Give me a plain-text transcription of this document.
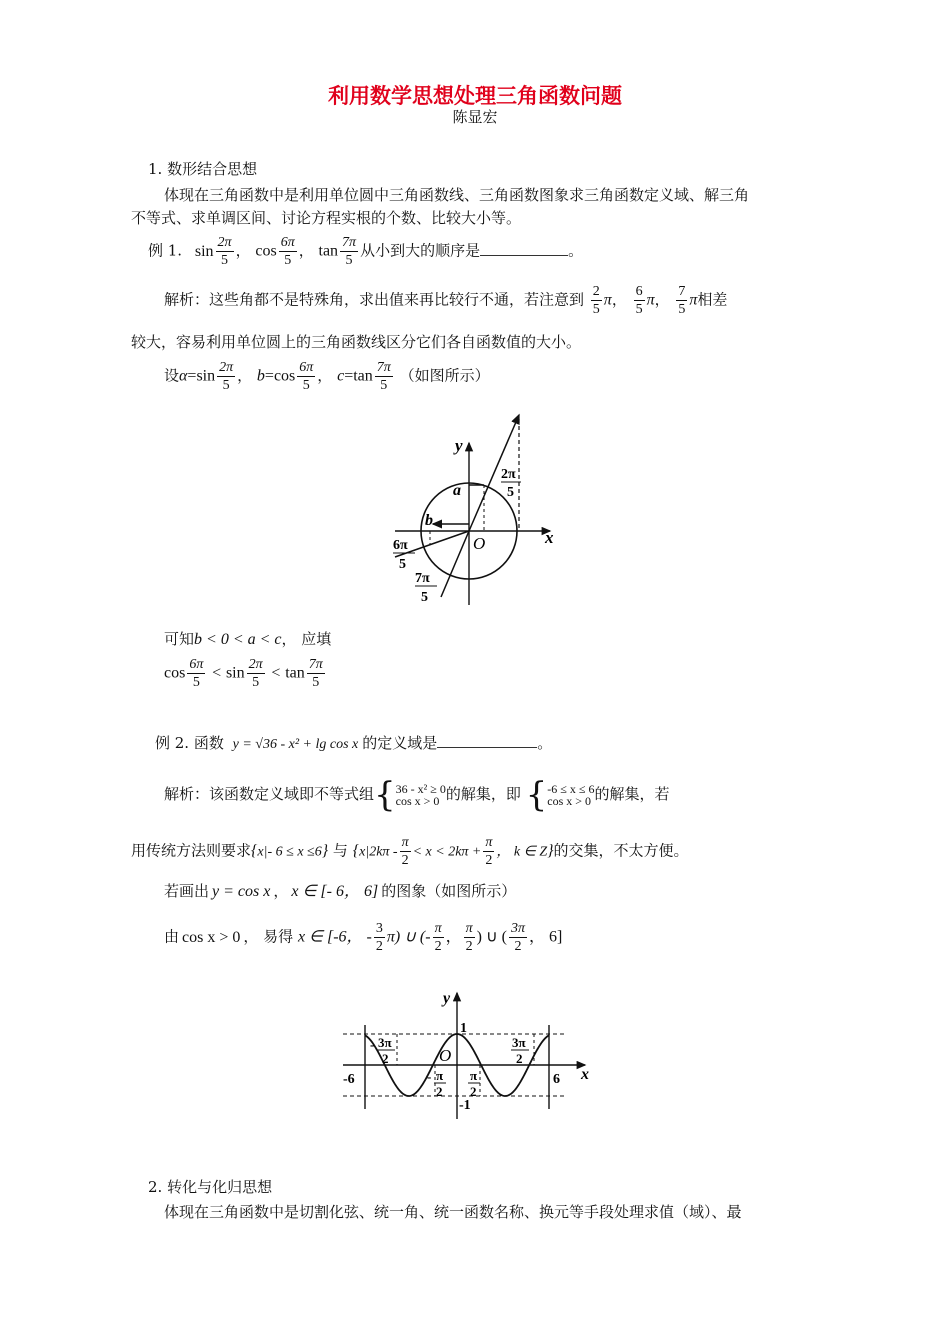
利用数学思想处理三角函数问题
陈显宏
1. 数形结合思想
体现在三角函数中是利用单位圆中三角函数线、三角函数图象求三角函数定义域、解三角
不等式、求单调区间、讨论方程实根的个数、比较大小等。
例 1. $\sin \frac{2\pi}{5}$ ， $\cos \frac{6\pi}{5}$ ， $\tan \frac{7\pi}{5}$ 从小到大的顺序是	。
解析：这些角都不是特殊角，求出值来再比较行不通，若注意到 $\frac{2}{5}$ π， $\frac{6}{5}$ π， $\frac{7}{5}$ π相差
较大，容易利用单位圆上的三角函数线区分它们各自函数值的大小。
设$\alpha=\sin \frac{2\pi}{5}$ ， $b=\cos \frac{6\pi}{5}$ ， $c=\tan \frac{7\pi}{5}$ （如图所示）
y
x
O
a
b
2π
5
6π
5
7π
5
可知b < 0 < a < c， 应填
$\cos \frac{6\pi}{5} < \sin \frac{2\pi}{5} < \tan \frac{7\pi}{5}$
例 2. 函数 y = √36 - x² + lg cos x 的定义域是	。
解析：该函数定义域即不等式组{ 36 - x² ≥ 0
cos x > 0 的解集，即 { -6 ≤ x ≤ 6
cos x > 0 的解集，若
用传统方法则要求{x|- 6 ≤ x ≤6} 与 {$x|2k\pi - \frac{\pi}{2} < x < 2k\pi + \frac{\pi}{2}$ ， k ∈ Z}的交集，不太方便。
若画出 y = cos x ， x ∈ [- 6， 6] 的图象（如图所示）
由 cos x > 0 ， 易得 x ∈ [-6， - $\frac{3}{2} \pi$) ∪ (- $\frac{\pi}{2}$ ， $\frac{\pi}{2}$ ) ∪ ( $\frac{3\pi}{2}$ ， 6]
y
x
O
1
-1
-6	6
- 3π
2
3π
2
- π
2
π
2
2. 转化与化归思想
体现在三角函数中是切割化弦、统一角、统一函数名称、换元等手段处理求值（域）、最
